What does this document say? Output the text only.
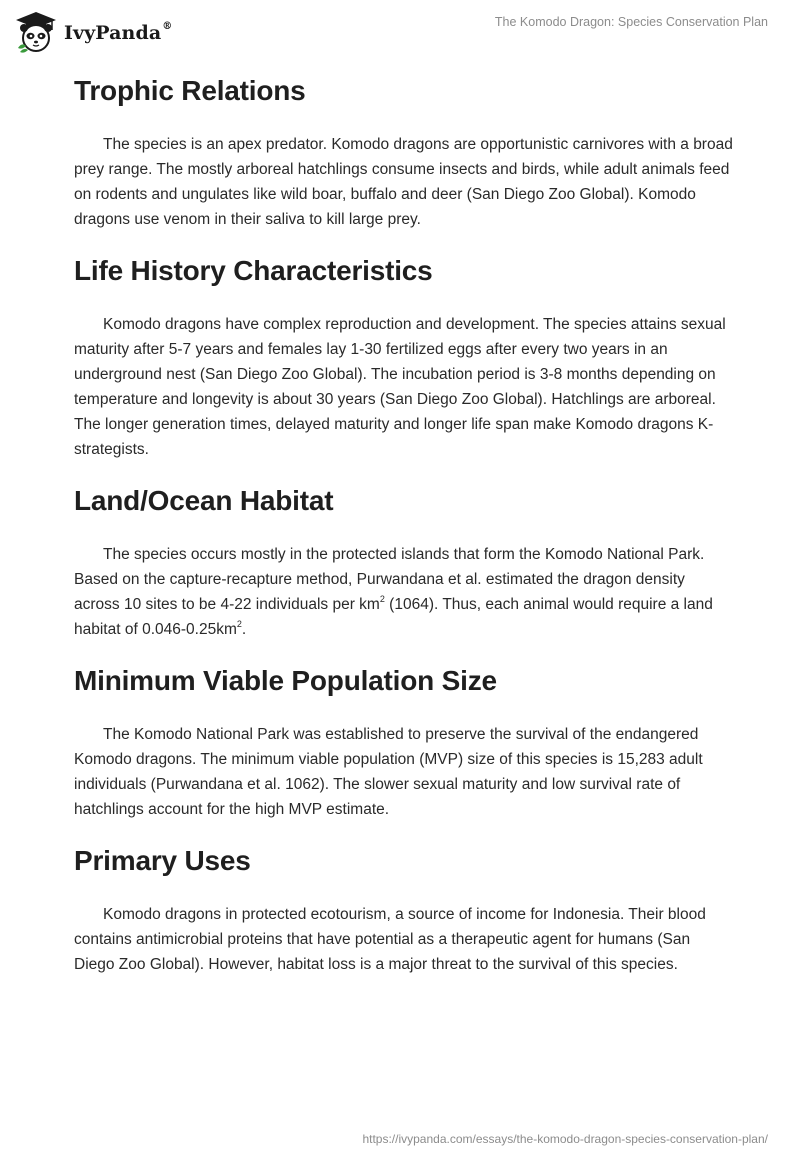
IvyPanda®	The Komodo Dragon: Species Conservation Plan
Trophic Relations

The species is an apex predator. Komodo dragons are opportunistic carnivores with a broad prey range. The mostly arboreal hatchlings consume insects and birds, while adult animals feed on rodents and ungulates like wild boar, buffalo and deer (San Diego Zoo Global). Komodo dragons use venom in their saliva to kill large prey.

Life History Characteristics

Komodo dragons have complex reproduction and development. The species attains sexual maturity after 5-7 years and females lay 1-30 fertilized eggs after every two years in an underground nest (San Diego Zoo Global). The incubation period is 3-8 months depending on temperature and longevity is about 30 years (San Diego Zoo Global). Hatchlings are arboreal. The longer generation times, delayed maturity and longer life span make Komodo dragons K-strategists.

Land/Ocean Habitat

The species occurs mostly in the protected islands that form the Komodo National Park. Based on the capture-recapture method, Purwandana et al. estimated the dragon density across 10 sites to be 4-22 individuals per $km^2$ (1064). Thus, each animal would require a land habitat of $0.046-0.25km^2$.

Minimum Viable Population Size

The Komodo National Park was established to preserve the survival of the endangered Komodo dragons. The minimum viable population (MVP) size of this species is 15,283 adult individuals (Purwandana et al. 1062). The slower sexual maturity and low survival rate of hatchlings account for the high MVP estimate.

Primary Uses

Komodo dragons in protected ecotourism, a source of income for Indonesia. Their blood contains antimicrobial proteins that have potential as a therapeutic agent for humans (San Diego Zoo Global). However, habitat loss is a major threat to the survival of this species.

https://ivypanda.com/essays/the-komodo-dragon-species-conservation-plan/
